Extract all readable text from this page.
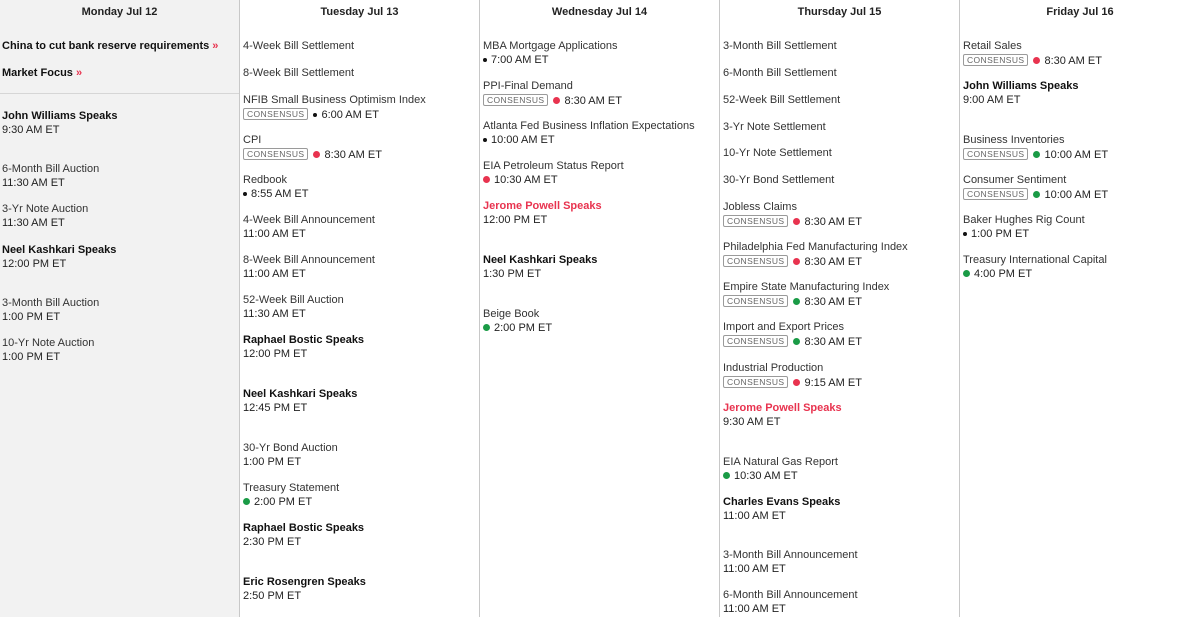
Monday Jul 12
China to cut bank reserve requirements »
Market Focus »
John Williams Speaks
9:30 AM ET
6-Month Bill Auction
11:30 AM ET
3-Yr Note Auction
11:30 AM ET
Neel Kashkari Speaks
12:00 PM ET
3-Month Bill Auction
1:00 PM ET
10-Yr Note Auction
1:00 PM ET
Tuesday Jul 13
4-Week Bill Settlement
8-Week Bill Settlement
NFIB Small Business Optimism Index
CONSENSUS 6:00 AM ET
CPI
CONSENSUS 8:30 AM ET
Redbook
8:55 AM ET
4-Week Bill Announcement
11:00 AM ET
8-Week Bill Announcement
11:00 AM ET
52-Week Bill Auction
11:30 AM ET
Raphael Bostic Speaks
12:00 PM ET
Neel Kashkari Speaks
12:45 PM ET
30-Yr Bond Auction
1:00 PM ET
Treasury Statement
2:00 PM ET
Raphael Bostic Speaks
2:30 PM ET
Eric Rosengren Speaks
2:50 PM ET
Wednesday Jul 14
MBA Mortgage Applications
7:00 AM ET
PPI-Final Demand
CONSENSUS 8:30 AM ET
Atlanta Fed Business Inflation Expectations
10:00 AM ET
EIA Petroleum Status Report
10:30 AM ET
Jerome Powell Speaks
12:00 PM ET
Neel Kashkari Speaks
1:30 PM ET
Beige Book
2:00 PM ET
Thursday Jul 15
3-Month Bill Settlement
6-Month Bill Settlement
52-Week Bill Settlement
3-Yr Note Settlement
10-Yr Note Settlement
30-Yr Bond Settlement
Jobless Claims
CONSENSUS 8:30 AM ET
Philadelphia Fed Manufacturing Index
CONSENSUS 8:30 AM ET
Empire State Manufacturing Index
CONSENSUS 8:30 AM ET
Import and Export Prices
CONSENSUS 8:30 AM ET
Industrial Production
CONSENSUS 9:15 AM ET
Jerome Powell Speaks
9:30 AM ET
EIA Natural Gas Report
10:30 AM ET
Charles Evans Speaks
11:00 AM ET
3-Month Bill Announcement
11:00 AM ET
6-Month Bill Announcement
11:00 AM ET
Friday Jul 16
Retail Sales
CONSENSUS 8:30 AM ET
John Williams Speaks
9:00 AM ET
Business Inventories
CONSENSUS 10:00 AM ET
Consumer Sentiment
CONSENSUS 10:00 AM ET
Baker Hughes Rig Count
1:00 PM ET
Treasury International Capital
4:00 PM ET
